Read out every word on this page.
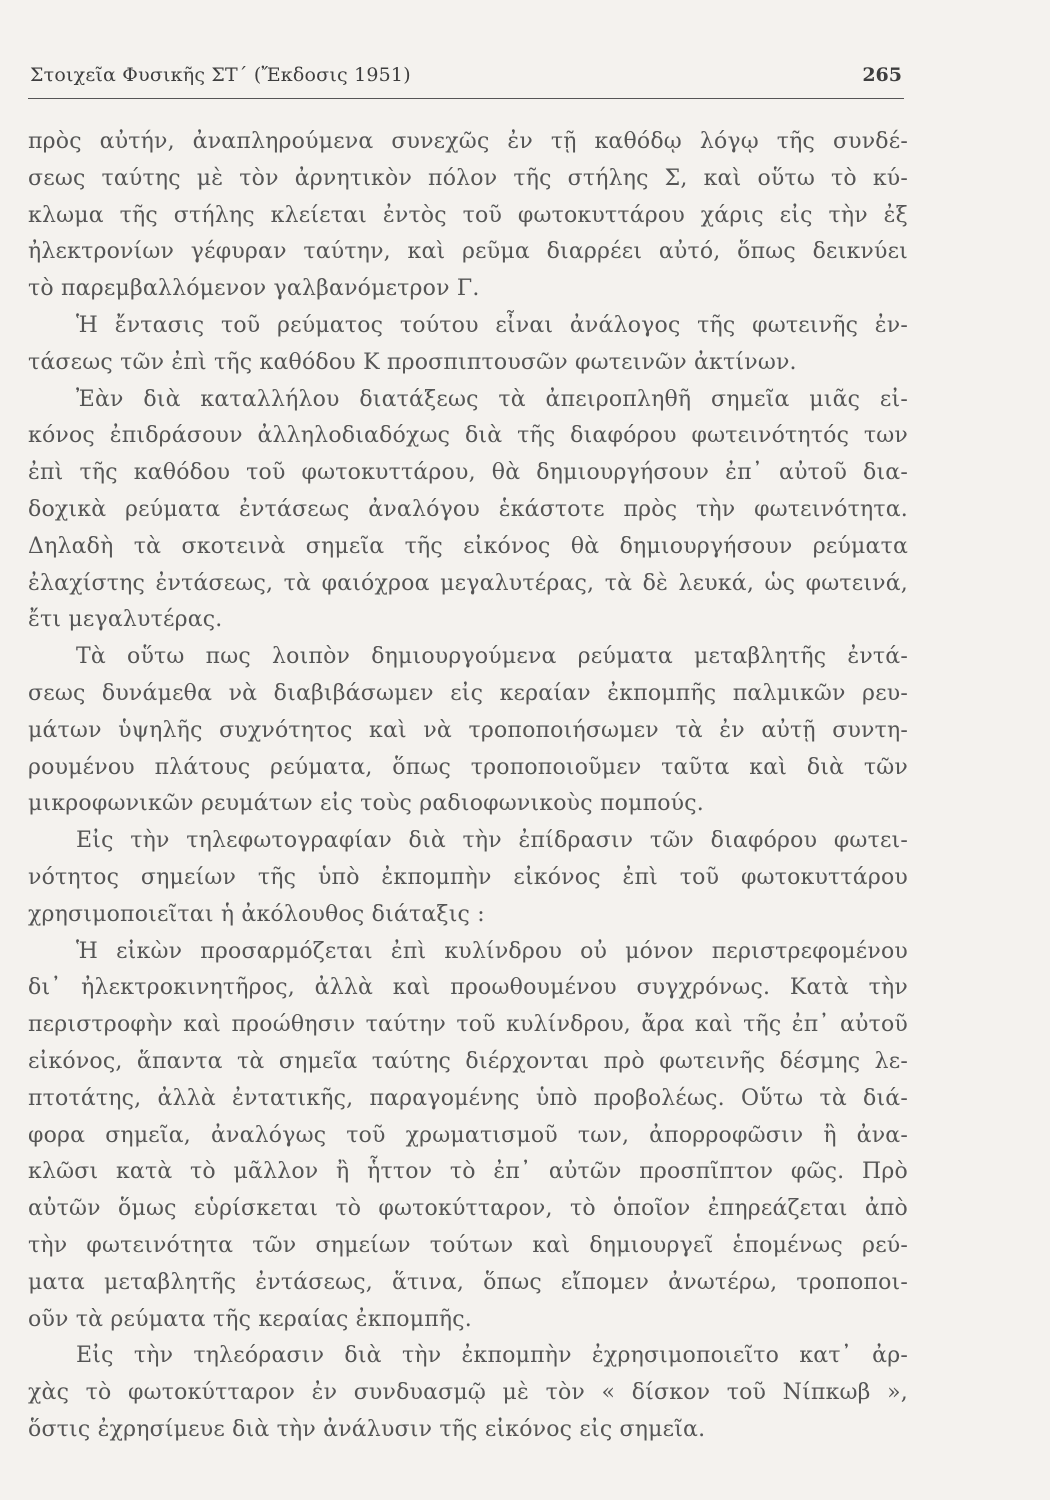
Στοιχεῖα Φυσικῆς ΣΤ΄ (Ἔκδοσις 1951)	265
πρὸς αὐτήν, ἀναπληρούμενα συνεχῶς ἐν τῇ καθόδῳ λόγῳ τῆς συνδέ-
σεως ταύτης μὲ τὸν ἀρνητικὸν πόλον τῆς στήλης Σ, καὶ οὕτω τὸ κύ-
κλωμα τῆς στήλης κλείεται ἐντὸς τοῦ φωτοκυττάρου χάρις εἰς τὴν ἐξ
ἠλεκτρονίων γέφυραν ταύτην, καὶ ρεῦμα διαρρέει αὐτό, ὅπως δεικνύει
τὸ παρεμβαλλόμενον γαλβανόμετρον Γ.
Ἡ ἔντασις τοῦ ρεύματος τούτου εἶναι ἀνάλογος τῆς φωτεινῆς ἐν-
τάσεως τῶν ἐπὶ τῆς καθόδου Κ προσπιπτουσῶν φωτεινῶν ἀκτίνων.
Ἐὰν διὰ καταλλήλου διατάξεως τὰ ἀπειροπληθῆ σημεῖα μιᾶς εἰ-
κόνος ἐπιδράσουν ἀλληλοδιαδόχως διὰ τῆς διαφόρου φωτεινότητός των
ἐπὶ τῆς καθόδου τοῦ φωτοκυττάρου, θὰ δημιουργήσουν ἐπ᾽ αὐτοῦ δια-
δοχικὰ ρεύματα ἐντάσεως ἀναλόγου ἑκάστοτε πρὸς τὴν φωτεινότητα.
Δηλαδὴ τὰ σκοτεινὰ σημεῖα τῆς εἰκόνος θὰ δημιουργήσουν ρεύματα
ἐλαχίστης ἐντάσεως, τὰ φαιόχροα μεγαλυτέρας, τὰ δὲ λευκά, ὡς φωτεινά,
ἔτι μεγαλυτέρας.
Τὰ οὕτω πως λοιπὸν δημιουργούμενα ρεύματα μεταβλητῆς ἐντά-
σεως δυνάμεθα νὰ διαβιβάσωμεν εἰς κεραίαν ἐκπομπῆς παλμικῶν ρευ-
μάτων ὑψηλῆς συχνότητος καὶ νὰ τροποποιήσωμεν τὰ ἐν αὐτῇ συντη-
ρουμένου πλάτους ρεύματα, ὅπως τροποποιοῦμεν ταῦτα καὶ διὰ τῶν
μικροφωνικῶν ρευμάτων εἰς τοὺς ραδιοφωνικοὺς πομπούς.
Εἰς τὴν τηλεφωτογραφίαν διὰ τὴν ἐπίδρασιν τῶν διαφόρου φωτει-
νότητος σημείων τῆς ὑπὸ ἐκπομπὴν εἰκόνος ἐπὶ τοῦ φωτοκυττάρου
χρησιμοποιεῖται ἡ ἀκόλουθος διάταξις :
Ἡ εἰκὼν προσαρμόζεται ἐπὶ κυλίνδρου οὐ μόνον περιστρεφομένου
δι᾽ ἠλεκτροκινητῆρος, ἀλλὰ καὶ προωθουμένου συγχρόνως. Κατὰ τὴν
περιστροφὴν καὶ προώθησιν ταύτην τοῦ κυλίνδρου, ἄρα καὶ τῆς ἐπ᾽ αὐτοῦ
εἰκόνος, ἅπαντα τὰ σημεῖα ταύτης διέρχονται πρὸ φωτεινῆς δέσμης λε-
πτοτάτης, ἀλλὰ ἐντατικῆς, παραγομένης ὑπὸ προβολέως. Οὕτω τὰ διά-
φορα σημεῖα, ἀναλόγως τοῦ χρωματισμοῦ των, ἀπορροφῶσιν ἢ ἀνα-
κλῶσι κατὰ τὸ μᾶλλον ἢ ἧττον τὸ ἐπ᾽ αὐτῶν προσπῖπτον φῶς. Πρὸ
αὐτῶν ὅμως εὑρίσκεται τὸ φωτοκύτταρον, τὸ ὁποῖον ἐπηρεάζεται ἀπὸ
τὴν φωτεινότητα τῶν σημείων τούτων καὶ δημιουργεῖ ἑπομένως ρεύ-
ματα μεταβλητῆς ἐντάσεως, ἅτινα, ὅπως εἴπομεν ἀνωτέρω, τροποποι-
οῦν τὰ ρεύματα τῆς κεραίας ἐκπομπῆς.
Εἰς τὴν τηλεόρασιν διὰ τὴν ἐκπομπὴν ἐχρησιμοποιεῖτο κατ᾽ ἀρ-
χὰς τὸ φωτοκύτταρον ἐν συνδυασμῷ μὲ τὸν « δίσκον τοῦ Νίπκωβ »,
ὅστις ἐχρησίμευε διὰ τὴν ἀνάλυσιν τῆς εἰκόνος εἰς σημεῖα.
